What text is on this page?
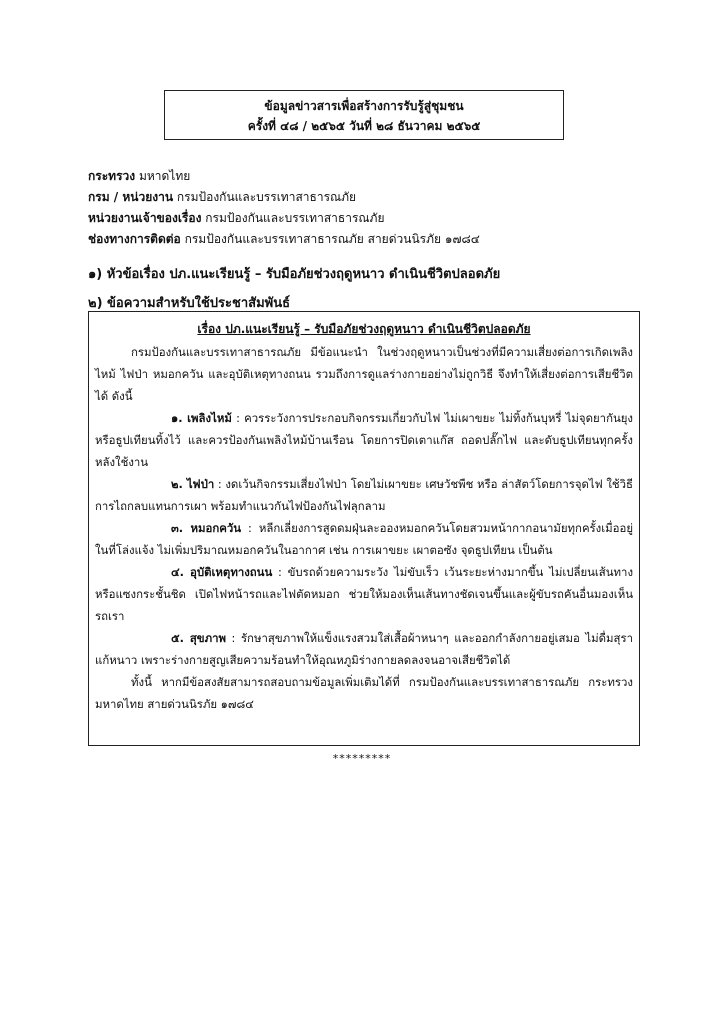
ข้อมูลข่าวสารเพื่อสร้างการรับรู้สู่ชุมชน
ครั้งที่ ๔๘ / ๒๕๖๕ วันที่ ๒๘ ธันวาคม ๒๕๖๕
กระทรวง มหาดไทย
กรม / หน่วยงาน กรมป้องกันและบรรเทาสาธารณภัย
หน่วยงานเจ้าของเรื่อง กรมป้องกันและบรรเทาสาธารณภัย
ช่องทางการติดต่อ กรมป้องกันและบรรเทาสาธารณภัย สายด่วนนิรภัย ๑๗๘๔
๑) หัวข้อเรื่อง ปภ.แนะเรียนรู้ – รับมือภัยช่วงฤดูหนาว ดำเนินชีวิตปลอดภัย
๒) ข้อความสำหรับใช้ประชาสัมพันธ์
เรื่อง ปภ.แนะเรียนรู้ – รับมือภัยช่วงฤดูหนาว ดำเนินชีวิตปลอดภัย

กรมป้องกันและบรรเทาสาธารณภัย มีข้อแนะนำ ในช่วงฤดูหนาวเป็นช่วงที่มีความเสี่ยงต่อการเกิดเพลิงไหม้ ไฟป่า หมอกควัน และอุบัติเหตุทางถนน รวมถึงการดูแลร่างกายอย่างไม่ถูกวิธี จึงทำให้เสี่ยงต่อการเสียชีวิตได้ ดังนี้

๑. เพลิงไหม้ : ควรระวังการประกอบกิจกรรมเกี่ยวกับไฟ ไม่เผาขยะ ไม่ทิ้งก้นบุหรี่ ไม่จุดยากันยุงหรือธูปเทียนทิ้งไว้ และควรป้องกันเพลิงไหม้บ้านเรือน โดยการปิดเตาแก๊ส ถอดปลั๊กไฟ และดับธูปเทียนทุกครั้งหลังใช้งาน

๒. ไฟป่า : งดเว้นกิจกรรมเสี่ยงไฟป่า โดยไม่เผาขยะ เศษวัชพืช หรือ ล่าสัตว์โดยการจุดไฟ ใช้วิธีการไถกลบแทนการเผา พร้อมทำแนวกันไฟป้องกันไฟลุกลาม

๓. หมอกควัน : หลีกเลี่ยงการสูดดมฝุ่นละอองหมอกควันโดยสวมหน้ากากอนามัยทุกครั้งเมื่ออยู่ในที่โล่งแจ้ง ไม่เพิ่มปริมาณหมอกควันในอากาศ เช่น การเผาขยะ เผาตอซัง จุดธูปเทียน เป็นต้น

๔. อุบัติเหตุทางถนน : ขับรถด้วยความระวัง ไม่ขับเร็ว เว้นระยะห่างมากขึ้น ไม่เปลี่ยนเส้นทางหรือแซงกระชั้นชิด เปิดไฟหน้ารถและไฟตัดหมอก ช่วยให้มองเห็นเส้นทางชัดเจนขึ้นและผู้ขับรถคันอื่นมองเห็นรถเรา

๕. สุขภาพ : รักษาสุขภาพให้แข็งแรงสวมใส่เสื้อผ้าหนาๆ และออกกำลังกายอยู่เสมอ ไม่ดื่มสุราแก้หนาว เพราะร่างกายสูญเสียความร้อนทำให้อุณหภูมิร่างกายลดลงจนอาจเสียชีวิตได้

ทั้งนี้ หากมีข้อสงสัยสามารถสอบถามข้อมูลเพิ่มเติมได้ที่ กรมป้องกันและบรรเทาสาธารณภัย กระทรวงมหาดไทย สายด่วนนิรภัย ๑๗๘๔

*********
